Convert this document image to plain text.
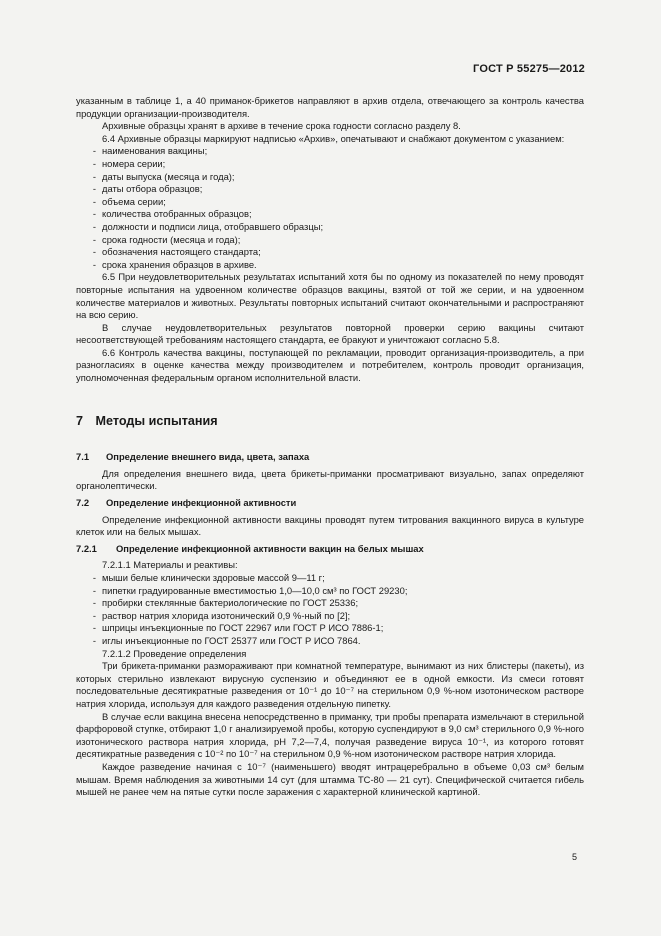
ГОСТ Р 55275—2012

указанным в таблице 1, а 40 приманок-брикетов направляют в архив отдела, отвечающего за контроль качества продукции организации-производителя.

Архивные образцы хранят в архиве в течение срока годности согласно разделу 8.

6.4 Архивные образцы маркируют надписью «Архив», опечатывают и снабжают документом с указанием:

- наименования вакцины;
- номера серии;
- даты выпуска (месяца и года);
- даты отбора образцов;
- объема серии;
- количества отобранных образцов;
- должности и подписи лица, отобравшего образцы;
- срока годности (месяца и года);
- обозначения настоящего стандарта;
- срока хранения образцов в архиве.

6.5 При неудовлетворительных результатах испытаний хотя бы по одному из показателей по нему проводят повторные испытания на удвоенном количестве образцов вакцины, взятой от той же серии, и на удвоенном количестве материалов и животных. Результаты повторных испытаний считают окончательными и распространяют на всю серию.

В случае неудовлетворительных результатов повторной проверки серию вакцины считают несоответствующей требованиям настоящего стандарта, ее бракуют и уничтожают согласно 5.8.

6.6 Контроль качества вакцины, поступающей по рекламации, проводит организация-производитель, а при разногласиях в оценке качества между производителем и потребителем, контроль проводит организация, уполномоченная федеральным органом исполнительной власти.

7 Методы испытания
7.1 Определение внешнего вида, цвета, запаха

Для определения внешнего вида, цвета брикеты-приманки просматривают визуально, запах определяют органолептически.

7.2 Определение инфекционной активности

Определение инфекционной активности вакцины проводят путем титрования вакцинного вируса в культуре клеток или на белых мышах.

7.2.1 Определение инфекционной активности вакцин на белых мышах

7.2.1.1 Материалы и реактивы:

- мыши белые клинически здоровые массой 9—11 г;
- пипетки градуированные вместимостью 1,0—10,0 см³ по ГОСТ 29230;
- пробирки стеклянные бактериологические по ГОСТ 25336;
- раствор натрия хлорида изотонический 0,9 %-ный по [2];
- шприцы инъекционные по ГОСТ 22967 или ГОСТ Р ИСО 7886-1;
- иглы инъекционные по ГОСТ 25377 или ГОСТ Р ИСО 7864.

7.2.1.2 Проведение определения

Три брикета-приманки размораживают при комнатной температуре, вынимают из них блистеры (пакеты), из которых стерильно извлекают вирусную суспензию и объединяют ее в одной емкости. Из смеси готовят последовательные десятикратные разведения от 10⁻¹ до 10⁻⁷ на стерильном 0,9 %-ном изотоническом растворе натрия хлорида, используя для каждого разведения отдельную пипетку.

В случае если вакцина внесена непосредственно в приманку, три пробы препарата измельчают в стерильной фарфоровой ступке, отбирают 1,0 г анализируемой пробы, которую суспендируют в 9,0 см³ стерильного 0,9 %-ного изотонического раствора натрия хлорида, pH 7,2—7,4, получая разведение вируса 10⁻¹, из которого готовят десятикратные разведения с 10⁻² по 10⁻⁷ на стерильном 0,9 %-ном изотоническом растворе натрия хлорида.

Каждое разведение начиная с 10⁻⁷ (наименьшего) вводят интрацеребрально в объеме 0,03 см³ белым мышам. Время наблюдения за животными 14 сут (для штамма ТС-80 — 21 сут). Специфической считается гибель мышей не ранее чем на пятые сутки после заражения с характерной клинической картиной.

5
